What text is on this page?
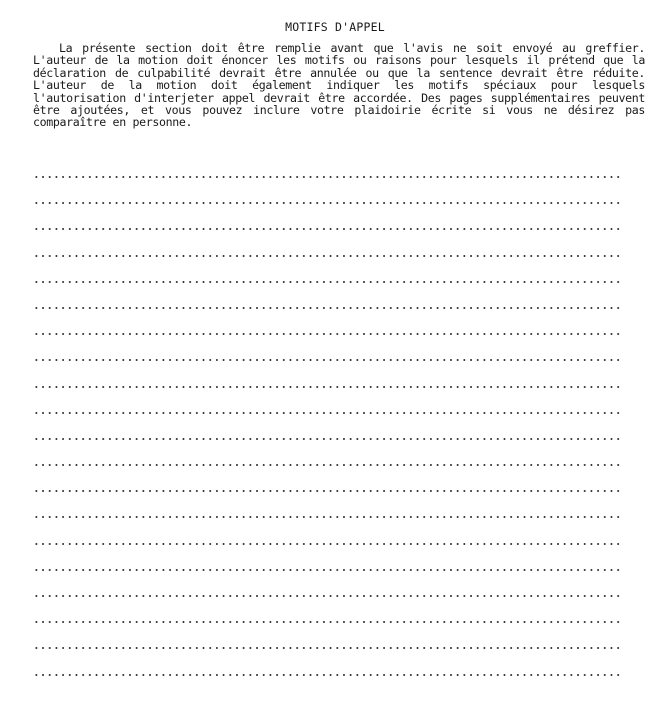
MOTIFS D'APPEL

La présente section doit être remplie avant que l'avis ne soit envoyé au greffier. L'auteur de la motion doit énoncer les motifs ou raisons pour lesquels il prétend que la déclaration de culpabilité devrait être annulée ou que la sentence devrait être réduite. L'auteur de la motion doit également indiquer les motifs spéciaux pour lesquels l'autorisation d'interjeter appel devrait être accordée. Des pages supplémentaires peuvent être ajoutées, et vous pouvez inclure votre plaidoirie écrite si vous ne désirez pas comparaître en personne.
